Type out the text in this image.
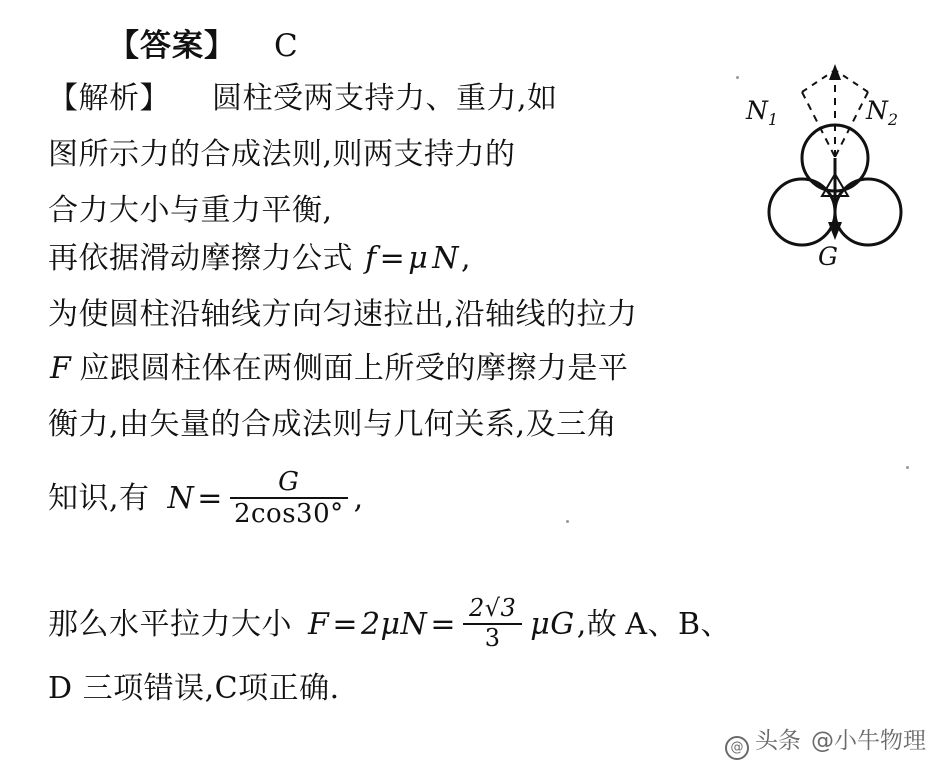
【答案】 C
【解析】 圆柱受两支持力、重力,如
图所示力的合成法则,则两支持力的
合力大小与重力平衡,
再依据滑动摩擦力公式 f = μ N,
为使圆柱沿轴线方向匀速拉出,沿轴线的拉力
F 应跟圆柱体在两侧面上所受的摩擦力是平
衡力,由矢量的合成法则与几何关系,及三角
知识,有 $N = \frac{G}{2\cos 30^\circ}$ ,
那么水平拉力大小 $F = 2\mu N = \frac{2√3}{3} \mu G$,故 A、B、
D 三项错误,C项正确.
$N_1$	$N_2$
G
@ 头条 @小牛物理
